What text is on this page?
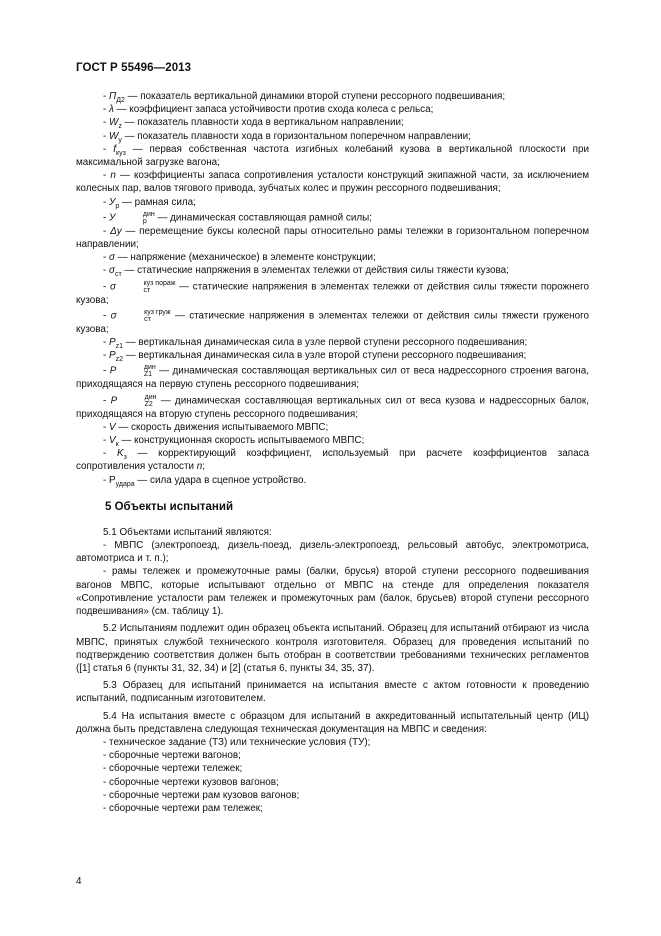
ГОСТ Р 55496—2013

- $П_{Д2}$ — показатель вертикальной динамики второй ступени рессорного подвешивания;

- λ — коэффициент запаса устойчивости против схода колеса с рельса;

- $W_z$ — показатель плавности хода в вертикальном направлении;

- $W_y$ — показатель плавности хода в горизонтальном поперечном направлении;

- $f_{куз}$ — первая собственная частота изгибных колебаний кузова в вертикальной плоскости при максимальной загрузке вагона;

- n — коэффициенты запаса сопротивления усталости конструкций экипажной части, за исключением колесных пар, валов тягового привода, зубчатых колес и пружин рессорного подвешивания;

- $У_р$ — рамная сила;

- У	дин
р — динамическая составляющая рамной силы;

- Δy — перемещение буксы колесной пары относительно рамы тележки в горизонтальном поперечном направлении;

- σ — напряжение (механическое) в элементе конструкции;

- $\sigma_{ст}$ — статические напряжения в элементах тележки от действия силы тяжести кузова;

- σ	куз пораж
ст	— статические напряжения в элементах тележки от действия силы тяжести порожнего кузова;

- σ	куз груж
ст	— статические напряжения в элементах тележки от действия силы тяжести груженого кузова;

- $P_{z1}$ — вертикальная динамическая сила в узле первой ступени рессорного подвешивания;

- $P_{z2}$ — вертикальная динамическая сила в узле второй ступени рессорного подвешивания;

- P	дин
Z1 — динамическая составляющая вертикальных сил от веса надрессорного строения вагона, приходящаяся на первую ступень рессорного подвешивания;

- P	дин
Z2 — динамическая составляющая вертикальных сил от веса кузова и надрессорных балок, приходящаяся на вторую ступень рессорного подвешивания;

- V — скорость движения испытываемого МВПС;

- $V_к$ — конструкционная скорость испытываемого МВПС;

- $K_з$ — корректирующий коэффициент, используемый при расчете коэффициентов запаса сопротивления усталости n;

- $P_{удара}$ — сила удара в сцепное устройство.

5 Объекты испытаний

5.1 Объектами испытаний являются:

- МВПС (электропоезд, дизель-поезд, дизель-электропоезд, рельсовый автобус, электромотриса, автомотриса и т. п.);

- рамы тележек и промежуточные рамы (балки, брусья) второй ступени рессорного подвешивания вагонов МВПС, которые испытывают отдельно от МВПС на стенде для определения показателя «Сопротивление усталости рам тележек и промежуточных рам (балок, брусьев) второй ступени рессорного подвешивания» (см. таблицу 1).

5.2 Испытаниям подлежит один образец объекта испытаний. Образец для испытаний отбирают из числа МВПС, принятых службой технического контроля изготовителя. Образец для проведения испытаний по подтверждению соответствия должен быть отобран в соответствии требованиями технических регламентов ([1] статья 6 (пункты 31, 32, 34) и [2] (статья 6, пункты 34, 35, 37).

5.3 Образец для испытаний принимается на испытания вместе с актом готовности к проведению испытаний, подписанным изготовителем.

5.4 На испытания вместе с образцом для испытаний в аккредитованный испытательный центр (ИЦ) должна быть представлена следующая техническая документация на МВПС и сведения:

- техническое задание (ТЗ) или технические условия (ТУ);

- сборочные чертежи вагонов;

- сборочные чертежи тележек;

- сборочные чертежи кузовов вагонов;

- сборочные чертежи рам кузовов вагонов;

- сборочные чертежи рам тележек;

4
